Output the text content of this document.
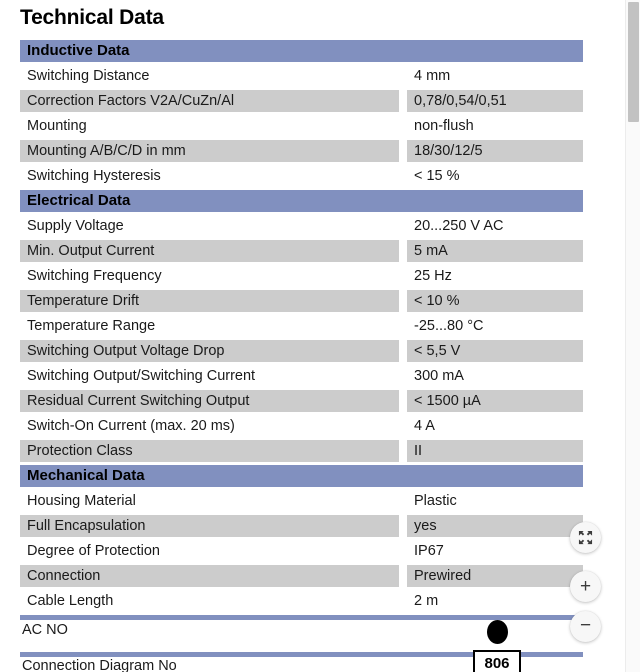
Technical Data
Inductive Data
Switching Distance	4 mm
Correction Factors V2A/CuZn/Al	0,78/0,54/0,51
Mounting	non-flush
Mounting A/B/C/D in mm	18/30/12/5
Switching Hysteresis	< 15 %
Electrical Data
Supply Voltage	20...250 V AC
Min. Output Current	5 mA
Switching Frequency	25 Hz
Temperature Drift	< 10 %
Temperature Range	-25...80 °C
Switching Output Voltage Drop	< 5,5 V
Switching Output/Switching Current	300 mA
Residual Current Switching Output	< 1500 µA
Switch-On Current (max. 20 ms)	4 A
Protection Class	II
Mechanical Data
Housing Material	Plastic
Full Encapsulation	yes
Degree of Protection	IP67
Connection	Prewired
Cable Length	2 m
AC NO
Connection Diagram No	806
+
−
